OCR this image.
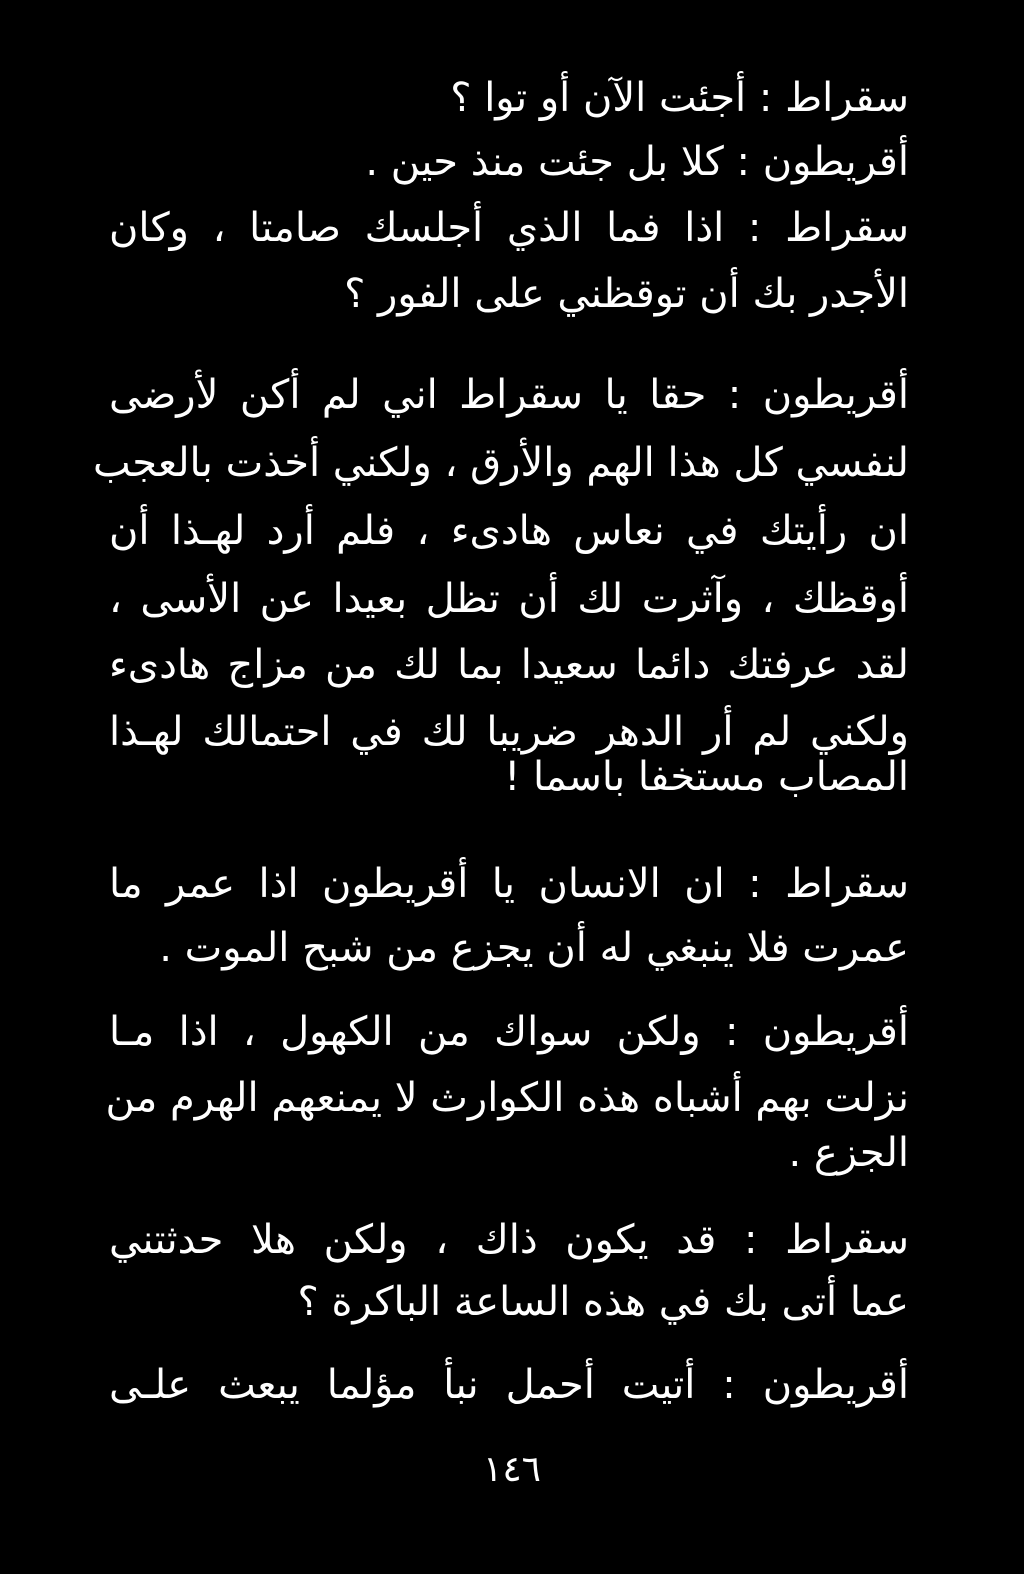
سقراط : أجئت الآن أو توا ؟
أقريطون : كلا بل جئت منذ حين .
سقراط : اذا فما الذي أجلسك صامتا ، وكان
الأجدر بك أن توقظني على الفور ؟
أقريطون : حقا يا سقراط اني لم أكن لأرضى
لنفسي كل هذا الهم والأرق ، ولكني أخذت بالعجب
ان رأيتك في نعاس هادىء ، فلم أرد لهـذا أن
أوقظك ، وآثرت لك أن تظل بعيدا عن الأسى ،
لقد عرفتك دائما سعيدا بما لك من مزاج هادىء
ولكني لم أر الدهر ضريبا لك في احتمالك لهـذا
المصاب مستخفا باسما !
سقراط : ان الانسان يا أقريطون اذا عمر ما
عمرت فلا ينبغي له أن يجزع من شبح الموت .
أقريطون : ولكن سواك من الكهول ، اذا مـا
نزلت بهم أشباه هذه الكوارث لا يمنعهم الهرم من
الجزع .
سقراط : قد يكون ذاك ، ولكن هلا حدثتني
عما أتى بك في هذه الساعة الباكرة ؟
أقريطون : أتيت أحمل نبأ مؤلما يبعث علـى
١٤٦
